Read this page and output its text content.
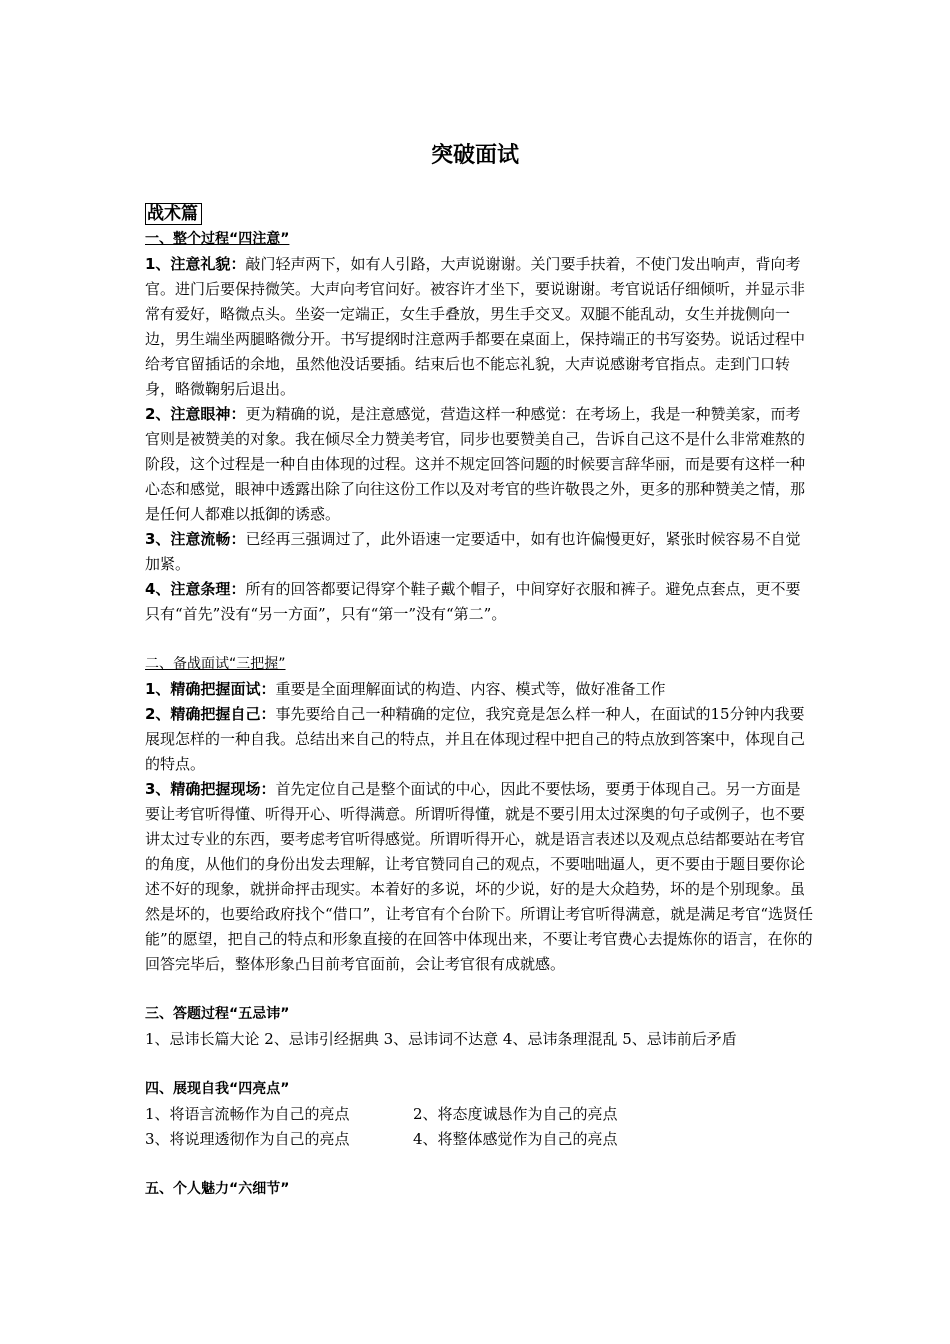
突破面试

战术篇

一、整个过程“四注意”

1、注意礼貌：敲门轻声两下，如有人引路，大声说谢谢。关门要手扶着，不使门发出响声，背向考官。进门后要保持微笑。大声向考官问好。被容许才坐下，要说谢谢。考官说话仔细倾听，并显示非常有爱好，略微点头。坐姿一定端正，女生手叠放，男生手交叉。双腿不能乱动，女生并拢侧向一边，男生端坐两腿略微分开。书写提纲时注意两手都要在桌面上，保持端正的书写姿势。说话过程中给考官留插话的余地，虽然他没话要插。结束后也不能忘礼貌，大声说感谢考官指点。走到门口转身，略微鞠躬后退出。

2、注意眼神：更为精确的说，是注意感觉，营造这样一种感觉：在考场上，我是一种赞美家，而考官则是被赞美的对象。我在倾尽全力赞美考官，同步也要赞美自己，告诉自己这不是什么非常难熬的阶段，这个过程是一种自由体现的过程。这并不规定回答问题的时候要言辞华丽，而是要有这样一种心态和感觉，眼神中透露出除了向往这份工作以及对考官的些许敬畏之外，更多的那种赞美之情，那是任何人都难以抵御的诱惑。

3、注意流畅：已经再三强调过了，此外语速一定要适中，如有也许偏慢更好，紧张时候容易不自觉加紧。

4、注意条理：所有的回答都要记得穿个鞋子戴个帽子，中间穿好衣服和裤子。避免点套点，更不要只有“首先”没有“另一方面”，只有“第一”没有“第二”。

二、备战面试“三把握”

1、精确把握面试：重要是全面理解面试的构造、内容、模式等，做好准备工作

2、精确把握自己：事先要给自己一种精确的定位，我究竟是怎么样一种人，在面试的15分钟内我要展现怎样的一种自我。总结出来自己的特点，并且在体现过程中把自己的特点放到答案中，体现自己的特点。

3、精确把握现场：首先定位自己是整个面试的中心，因此不要怯场，要勇于体现自己。另一方面是要让考官听得懂、听得开心、听得满意。所谓听得懂，就是不要引用太过深奥的句子或例子，也不要讲太过专业的东西，要考虑考官听得感觉。所谓听得开心，就是语言表述以及观点总结都要站在考官的角度，从他们的身份出发去理解，让考官赞同自己的观点，不要咄咄逼人，更不要由于题目要你论述不好的现象，就拼命抨击现实。本着好的多说，坏的少说，好的是大众趋势，坏的是个别现象。虽然是坏的，也要给政府找个“借口”，让考官有个台阶下。所谓让考官听得满意，就是满足考官“选贤任能”的愿望，把自己的特点和形象直接的在回答中体现出来，不要让考官费心去提炼你的语言，在你的回答完毕后，整体形象凸目前考官面前，会让考官很有成就感。

三、答题过程“五忌讳”

1、忌讳长篇大论 2、忌讳引经据典 3、忌讳词不达意 4、忌讳条理混乱 5、忌讳前后矛盾

四、展现自我“四亮点”

1、将语言流畅作为自己的亮点	2、将态度诚恳作为自己的亮点
3、将说理透彻作为自己的亮点	4、将整体感觉作为自己的亮点

五、个人魅力“六细节”
